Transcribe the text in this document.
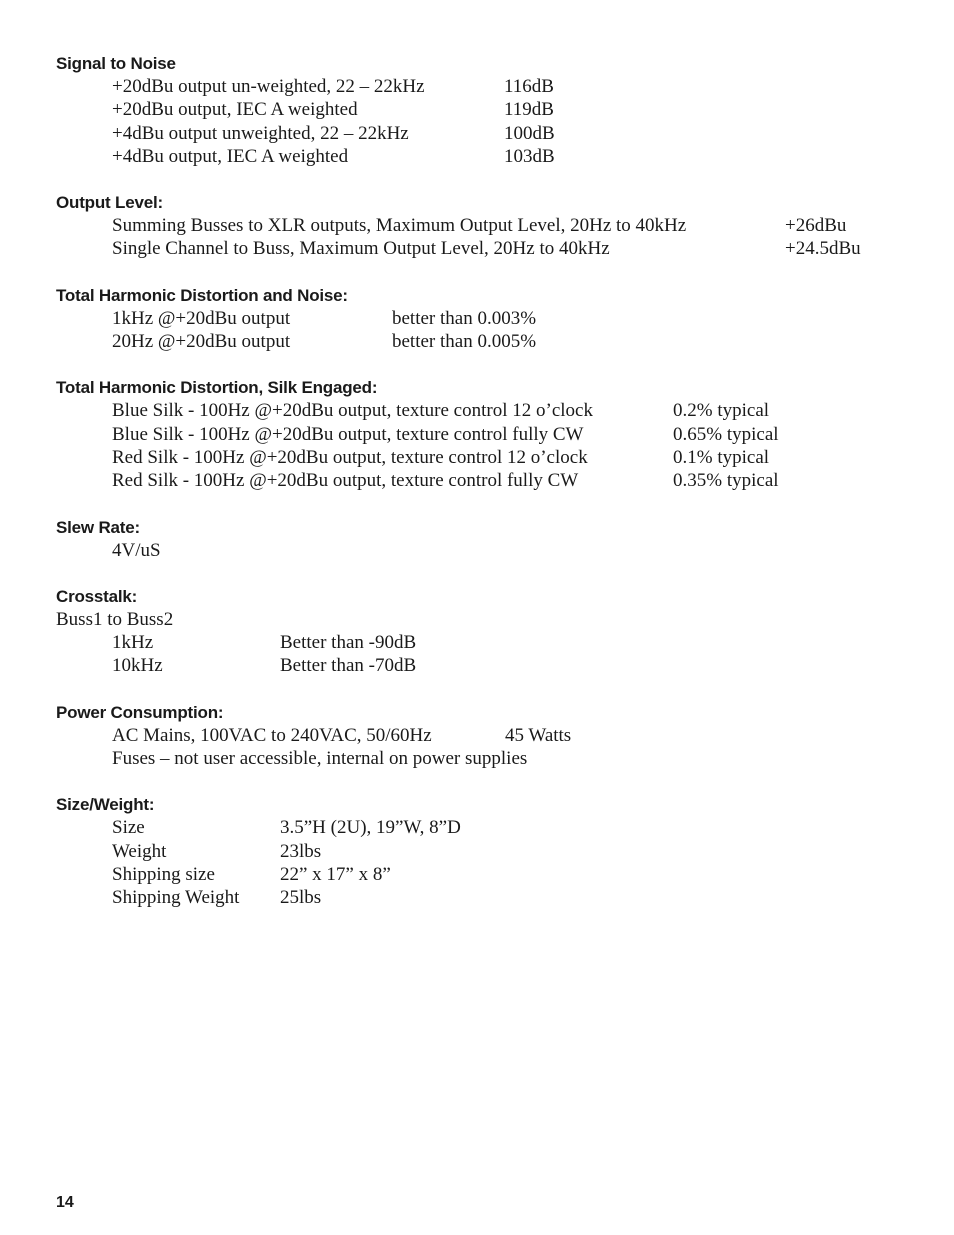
Signal to Noise
+20dBu output un-weighted, 22 – 22kHz	116dB
+20dBu output, IEC A weighted	119dB
+4dBu output unweighted, 22 – 22kHz	100dB
+4dBu output, IEC A weighted	103dB
Output Level:
Summing Busses to XLR outputs, Maximum Output Level, 20Hz to 40kHz	+26dBu
Single Channel to Buss, Maximum Output Level, 20Hz to 40kHz	+24.5dBu
Total Harmonic Distortion and Noise:
1kHz @+20dBu output	better than 0.003%
20Hz @+20dBu output	better than 0.005%
Total Harmonic Distortion, Silk Engaged:
Blue Silk - 100Hz @+20dBu output, texture control 12 o’clock	0.2% typical
Blue Silk - 100Hz @+20dBu output, texture control fully CW	0.65% typical
Red Silk - 100Hz @+20dBu output, texture control 12 o’clock	0.1% typical
Red Silk - 100Hz @+20dBu output, texture control fully CW	0.35% typical
Slew Rate:
4V/uS
Crosstalk:
Buss1 to Buss2
1kHz	Better than -90dB
10kHz	Better than -70dB
Power Consumption:
AC Mains, 100VAC to 240VAC, 50/60Hz	45 Watts
Fuses – not user accessible, internal on power supplies
Size/Weight:
Size	3.5”H (2U), 19”W, 8”D
Weight	23lbs
Shipping size	22” x 17” x 8”
Shipping Weight 25lbs
14
